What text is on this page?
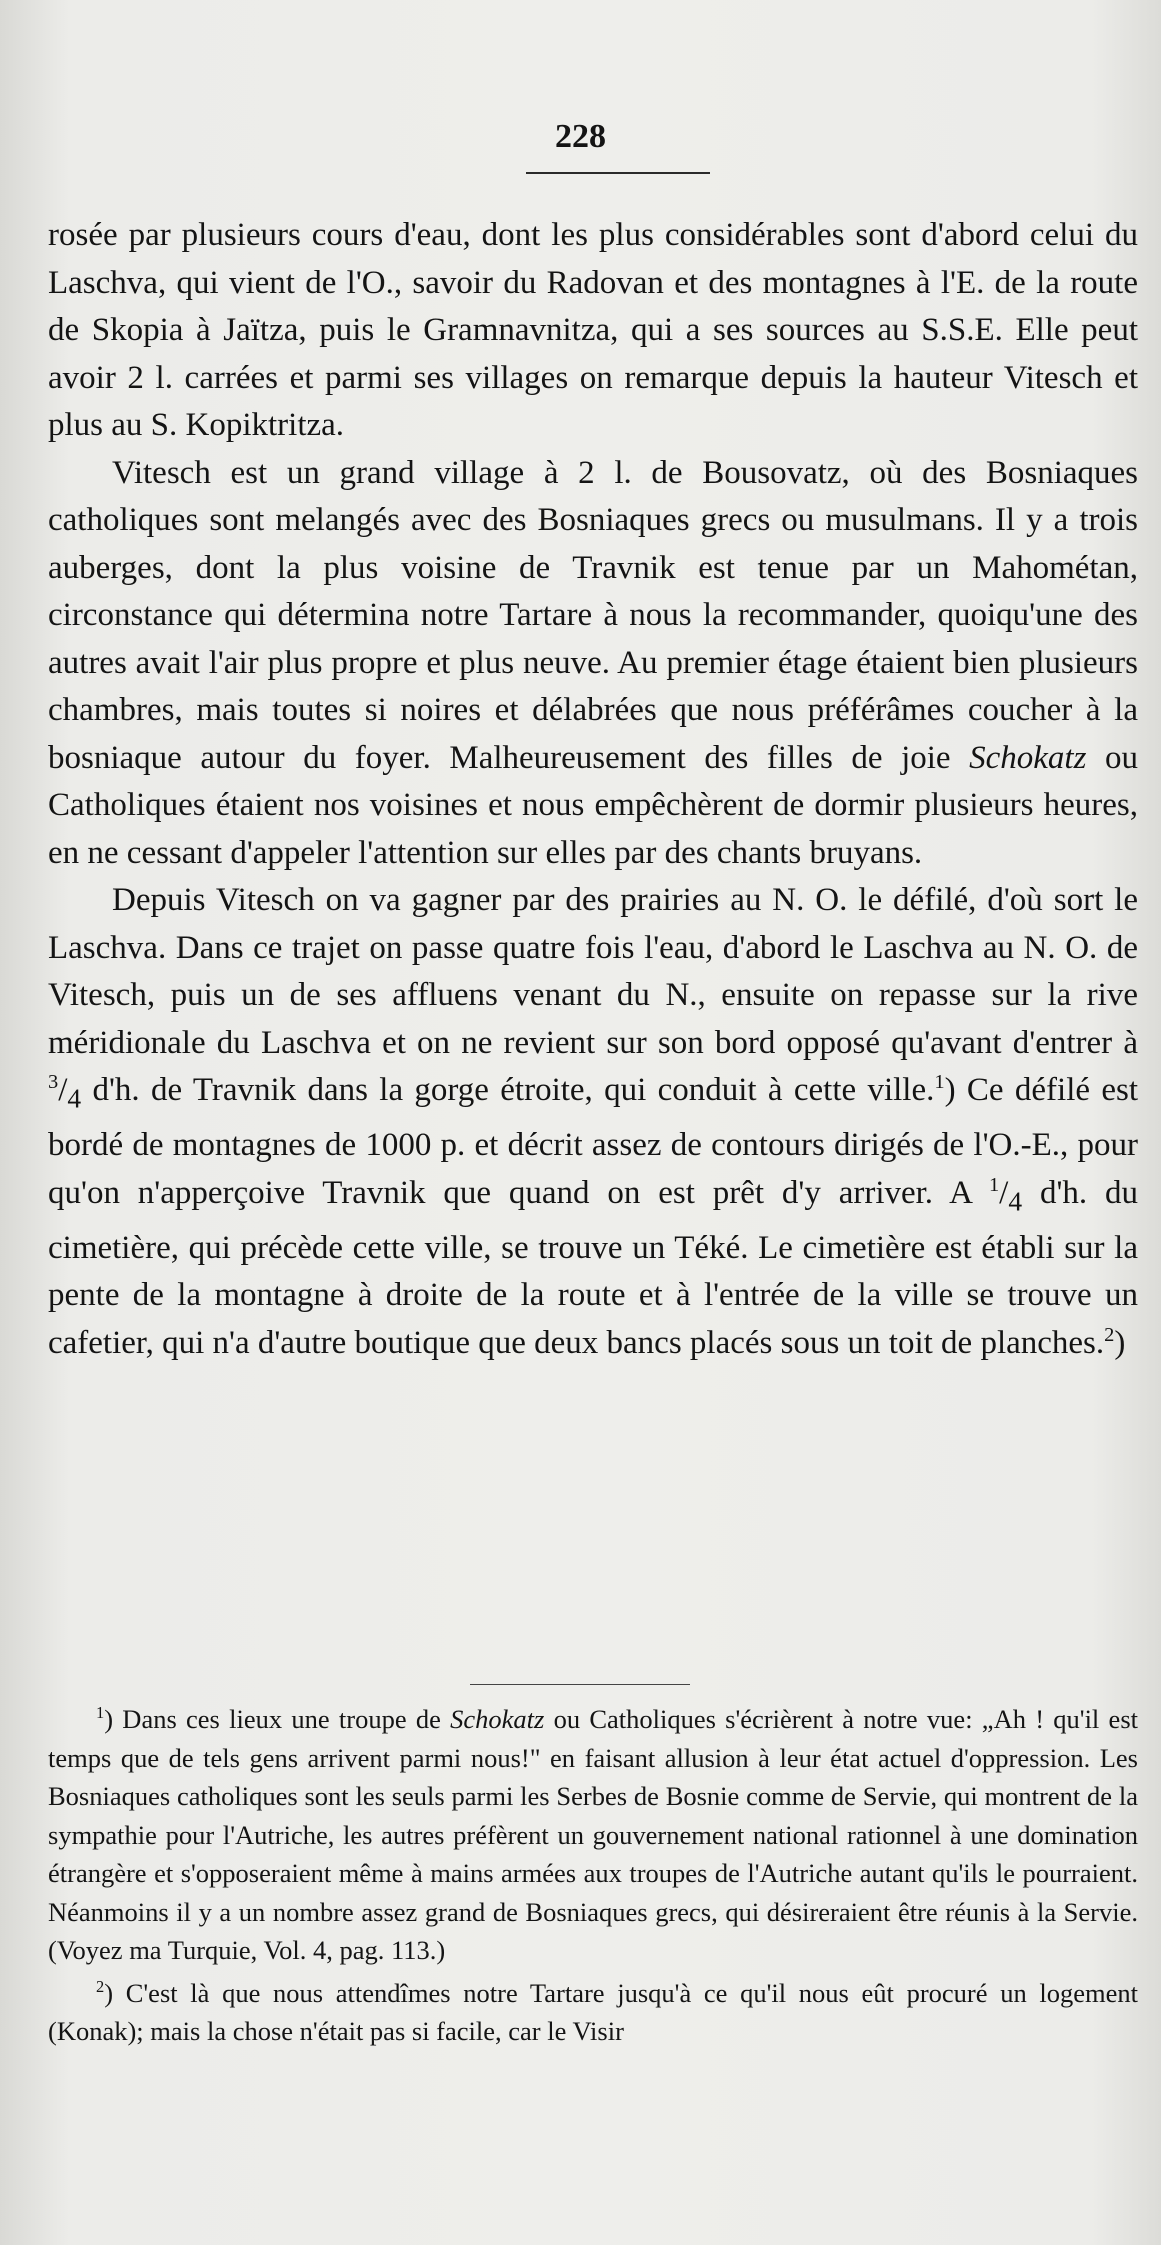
228

rosée par plusieurs cours d'eau, dont les plus considérables sont d'abord celui du Laschva, qui vient de l'O., savoir du Radovan et des montagnes à l'E. de la route de Skopia à Jaïtza, puis le Gramnavnitza, qui a ses sources au S.S.E. Elle peut avoir 2 l. carrées et parmi ses villages on remarque depuis la hauteur Vitesch et plus au S. Kopiktritza.

Vitesch est un grand village à 2 l. de Bousovatz, où des Bosniaques catholiques sont melangés avec des Bosniaques grecs ou musulmans. Il y a trois auberges, dont la plus voisine de Travnik est tenue par un Mahométan, circonstance qui détermina notre Tartare à nous la recommander, quoiqu'une des autres avait l'air plus propre et plus neuve. Au premier étage étaient bien plusieurs chambres, mais toutes si noires et délabrées que nous préférâmes coucher à la bosniaque autour du foyer. Malheureusement des filles de joie Schokatz ou Catholiques étaient nos voisines et nous empêchèrent de dormir plusieurs heures, en ne cessant d'appeler l'attention sur elles par des chants bruyans.

Depuis Vitesch on va gagner par des prairies au N. O. le défilé, d'où sort le Laschva. Dans ce trajet on passe quatre fois l'eau, d'abord le Laschva au N. O. de Vitesch, puis un de ses affluens venant du N., ensuite on repasse sur la rive méridionale du Laschva et on ne revient sur son bord opposé qu'avant d'entrer à $^3/_4$ d'h. de Travnik dans la gorge étroite, qui conduit à cette ville.$^1$) Ce défilé est bordé de montagnes de 1000 p. et décrit assez de contours dirigés de l'O.-E., pour qu'on n'apperçoive Travnik que quand on est prêt d'y arriver. A $^1/_4$ d'h. du cimetière, qui précède cette ville, se trouve un Téké. Le cimetière est établi sur la pente de la montagne à droite de la route et à l'entrée de la ville se trouve un cafetier, qui n'a d'autre boutique que deux bancs placés sous un toit de planches.$^2$)

$^1$) Dans ces lieux une troupe de Schokatz ou Catholiques s'écrièrent à notre vue: „Ah ! qu'il est temps que de tels gens arrivent parmi nous!" en faisant allusion à leur état actuel d'oppression. Les Bosniaques catholiques sont les seuls parmi les Serbes de Bosnie comme de Servie, qui montrent de la sympathie pour l'Autriche, les autres préfèrent un gouvernement national rationnel à une domination étrangère et s'opposeraient même à mains armées aux troupes de l'Autriche autant qu'ils le pourraient. Néanmoins il y a un nombre assez grand de Bosniaques grecs, qui désireraient être réunis à la Servie. (Voyez ma Turquie, Vol. 4, pag. 113.)

$^2$) C'est là que nous attendîmes notre Tartare jusqu'à ce qu'il nous eût procuré un logement (Konak); mais la chose n'était pas si facile, car le Visir
